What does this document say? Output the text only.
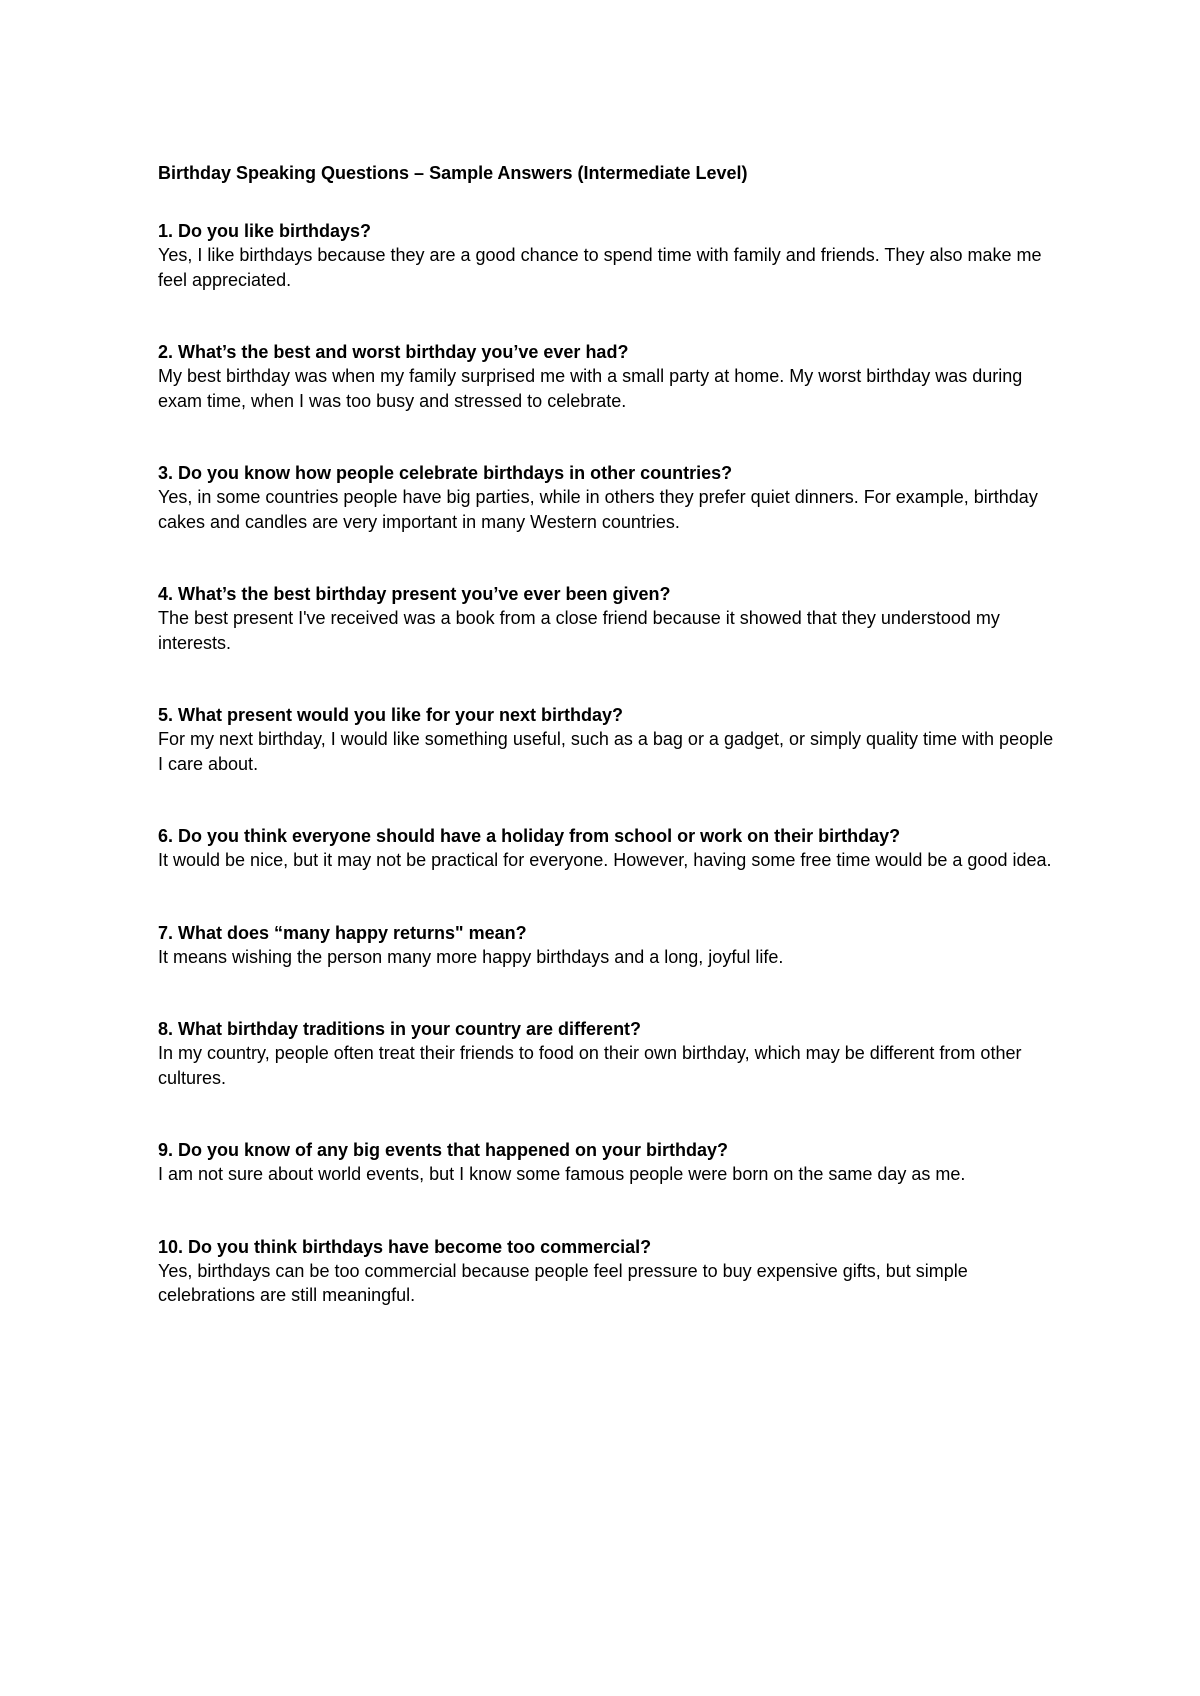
Birthday Speaking Questions – Sample Answers (Intermediate Level)

1. Do you like birthdays?

Yes, I like birthdays because they are a good chance to spend time with family and friends. They also make me feel appreciated.

2. What’s the best and worst birthday you’ve ever had?

My best birthday was when my family surprised me with a small party at home. My worst birthday was during exam time, when I was too busy and stressed to celebrate.

3. Do you know how people celebrate birthdays in other countries?

Yes, in some countries people have big parties, while in others they prefer quiet dinners. For example, birthday cakes and candles are very important in many Western countries.

4. What’s the best birthday present you’ve ever been given?

The best present I've received was a book from a close friend because it showed that they understood my interests.

5. What present would you like for your next birthday?

For my next birthday, I would like something useful, such as a bag or a gadget, or simply quality time with people I care about.

6. Do you think everyone should have a holiday from school or work on their birthday?

It would be nice, but it may not be practical for everyone. However, having some free time would be a good idea.

7. What does “many happy returns" mean?

It means wishing the person many more happy birthdays and a long, joyful life.

8. What birthday traditions in your country are different?

In my country, people often treat their friends to food on their own birthday, which may be different from other cultures.

9. Do you know of any big events that happened on your birthday?

I am not sure about world events, but I know some famous people were born on the same day as me.

10. Do you think birthdays have become too commercial?

Yes, birthdays can be too commercial because people feel pressure to buy expensive gifts, but simple celebrations are still meaningful.
